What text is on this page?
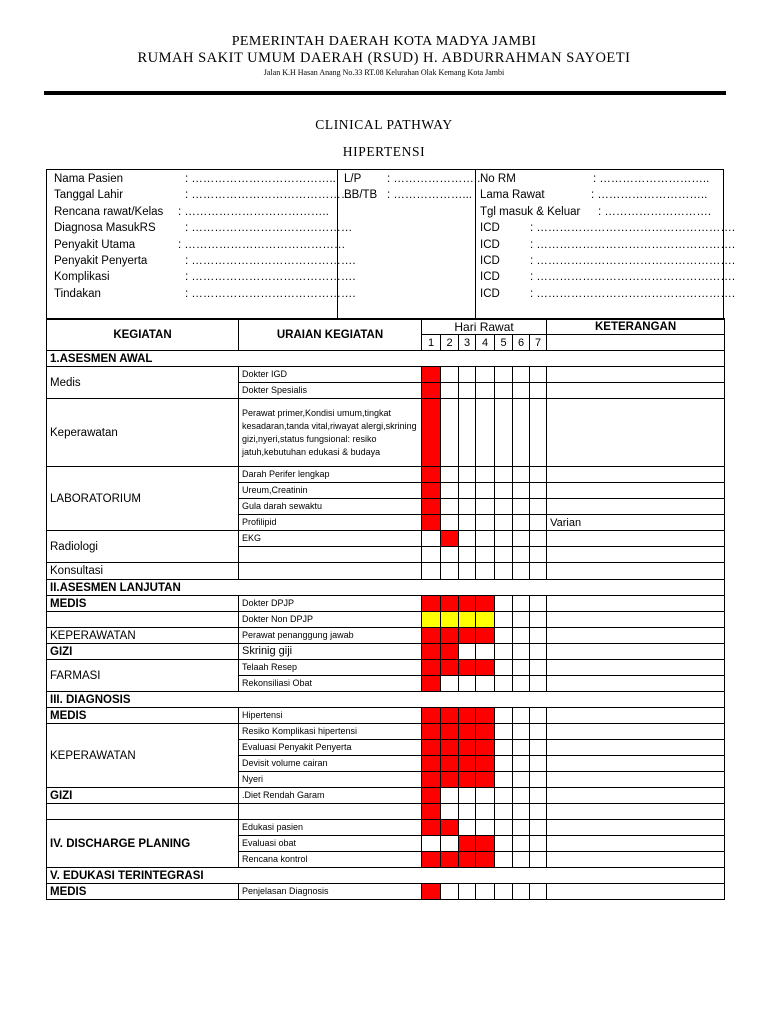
PEMERINTAH DAERAH KOTA MADYA JAMBI
RUMAH SAKIT UMUM DAERAH (RSUD) H. ABDURRAHMAN SAYOETI
Jalan K.H Hasan Anang No.33 RT.08 Kelurahan Olak Kemang Kota Jambi
CLINICAL PATHWAY
HIPERTENSI
Nama Pasien	: ………………………………..
Tanggal Lahir	: ……………………………………
Rencana rawat/Kelas : ………………………………..
Diagnosa MasukRS	: ……………………………………
Penyakit Utama	: ……………………………………
Penyakit Penyerta	: …………………………………….
Komplikasi	: …………………………………….
Tindakan	: …………………………………….
L/P : …………………..
BB/TB : ………………...
No RM	: ………………………..
Lama Rawat	: ………………………..
Tgl masuk & Keluar : ……………………….
ICD	: …………………………………………….
ICD	: …………………………………………….
ICD	: …………………………………………….
ICD	: …………………………………………….
ICD	: …………………………………………….
KEGIATAN	URAIAN KEGIATAN	Hari Rawat							KETERANGAN
		1	2	3	4	5	6	7	
1.ASESMEN AWAL									
Medis	Dokter IGD								
	Dokter Spesialis								
Keperawatan	Perawat primer,Kondisi umum,tingkat kesadaran,tanda vital,riwayat alergi,skrining gizi,nyeri,status fungsional: resiko jatuh,kebutuhan edukasi & budaya								
LABORATORIUM	Darah Perifer lengkap								
	Ureum,Creatinin								
	Gula darah sewaktu								
	Profilipid								Varian
Radiologi	EKG								

Konsultasi									
II.ASESMEN LANJUTAN									
MEDIS	Dokter DPJP								
	Dokter Non DPJP								
KEPERAWATAN	Perawat penanggung jawab								
GIZI	Skrinig giji								
FARMASI	Telaah Resep								
	Rekonsiliasi Obat								
III. DIAGNOSIS									
MEDIS	Hipertensi								
KEPERAWATAN	Resiko Komplikasi hipertensi								
	Evaluasi Penyakit Penyerta								
	Devisit volume cairan								
	Nyeri								
GIZI	.Diet Rendah Garam								

IV. DISCHARGE PLANING	Edukasi pasien								
	Evaluasi obat								
	Rencana kontrol								
V. EDUKASI TERINTEGRASI									
MEDIS	Penjelasan Diagnosis								
